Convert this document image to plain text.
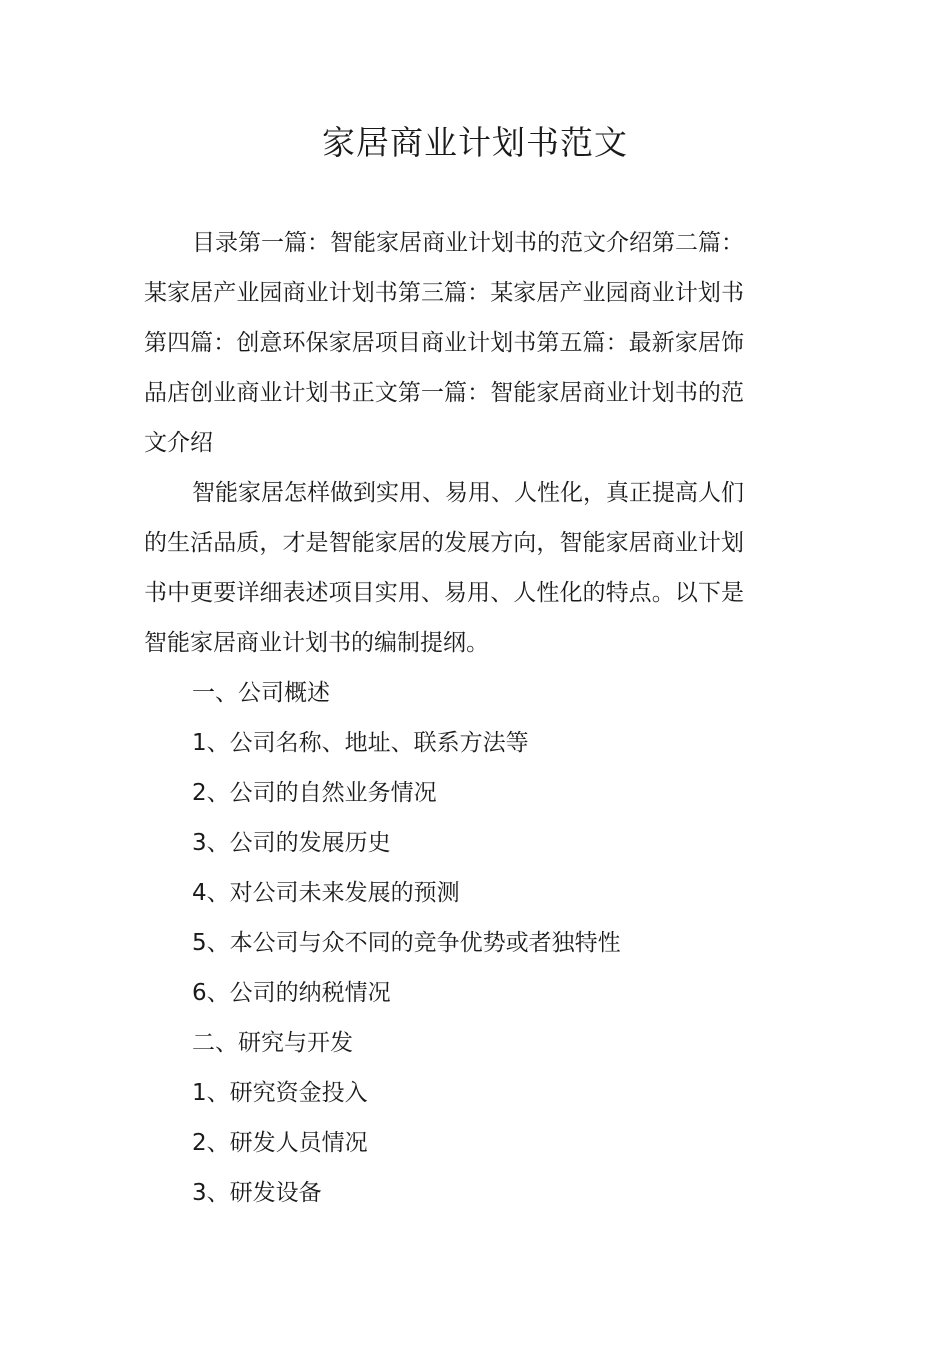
家居商业计划书范文

目录第一篇：智能家居商业计划书的范文介绍第二篇：某家居产业园商业计划书第三篇：某家居产业园商业计划书第四篇：创意环保家居项目商业计划书第五篇：最新家居饰品店创业商业计划书正文第一篇：智能家居商业计划书的范文介绍

智能家居怎样做到实用、易用、人性化，真正提高人们的生活品质，才是智能家居的发展方向，智能家居商业计划书中更要详细表述项目实用、易用、人性化的特点。以下是智能家居商业计划书的编制提纲。

一、公司概述

1、公司名称、地址、联系方法等

2、公司的自然业务情况

3、公司的发展历史

4、对公司未来发展的预测

5、本公司与众不同的竞争优势或者独特性

6、公司的纳税情况

二、研究与开发

1、研究资金投入

2、研发人员情况

3、研发设备
